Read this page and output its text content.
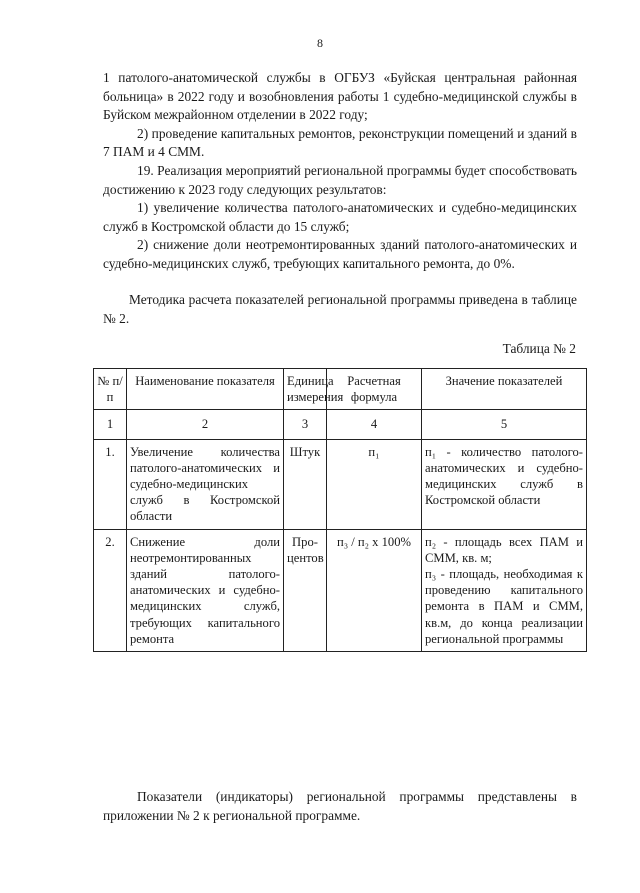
8

1 патолого-анатомической службы в ОГБУЗ «Буйская центральная районная больница» в 2022 году и возобновления работы 1 судебно-медицинской службы в Буйском межрайонном отделении в 2022 году;

2) проведение капитальных ремонтов, реконструкции помещений и зданий в 7 ПАМ и 4 СММ.

19. Реализация мероприятий региональной программы будет способствовать достижению к 2023 году следующих результатов:

1) увеличение количества патолого-анатомических и судебно-медицинских служб в Костромской области до 15 служб;

2) снижение доли неотремонтированных зданий патолого-анатомических и судебно-медицинских служб, требующих капитального ремонта, до 0%.

Методика расчета показателей региональной программы приведена в таблице № 2.

Таблица № 2
№ п/п	Наименование показателя	Единица измерения	Расчетная формула	Значение показателей
1	2	3	4	5
1.	Увеличение количества патолого-анатомических и судебно-медицинских служб в Костромской области	Штук	п₁	п₁ - количество патолого-анатомических и судебно-медицинских служб в Костромской области
2.	Снижение доли неотремонтированных зданий патолого-анатомических и судебно-медицинских служб, требующих капитального ремонта	Про-центов	п₃ / п₂ х 100%	п₂ - площадь всех ПАМ и СММ, кв. м;
п₃ - площадь, необходимая к проведению капитального ремонта в ПАМ и СММ, кв.м, до конца реализации региональной программы

Показатели (индикаторы) региональной программы представлены в приложении № 2 к региональной программе.
